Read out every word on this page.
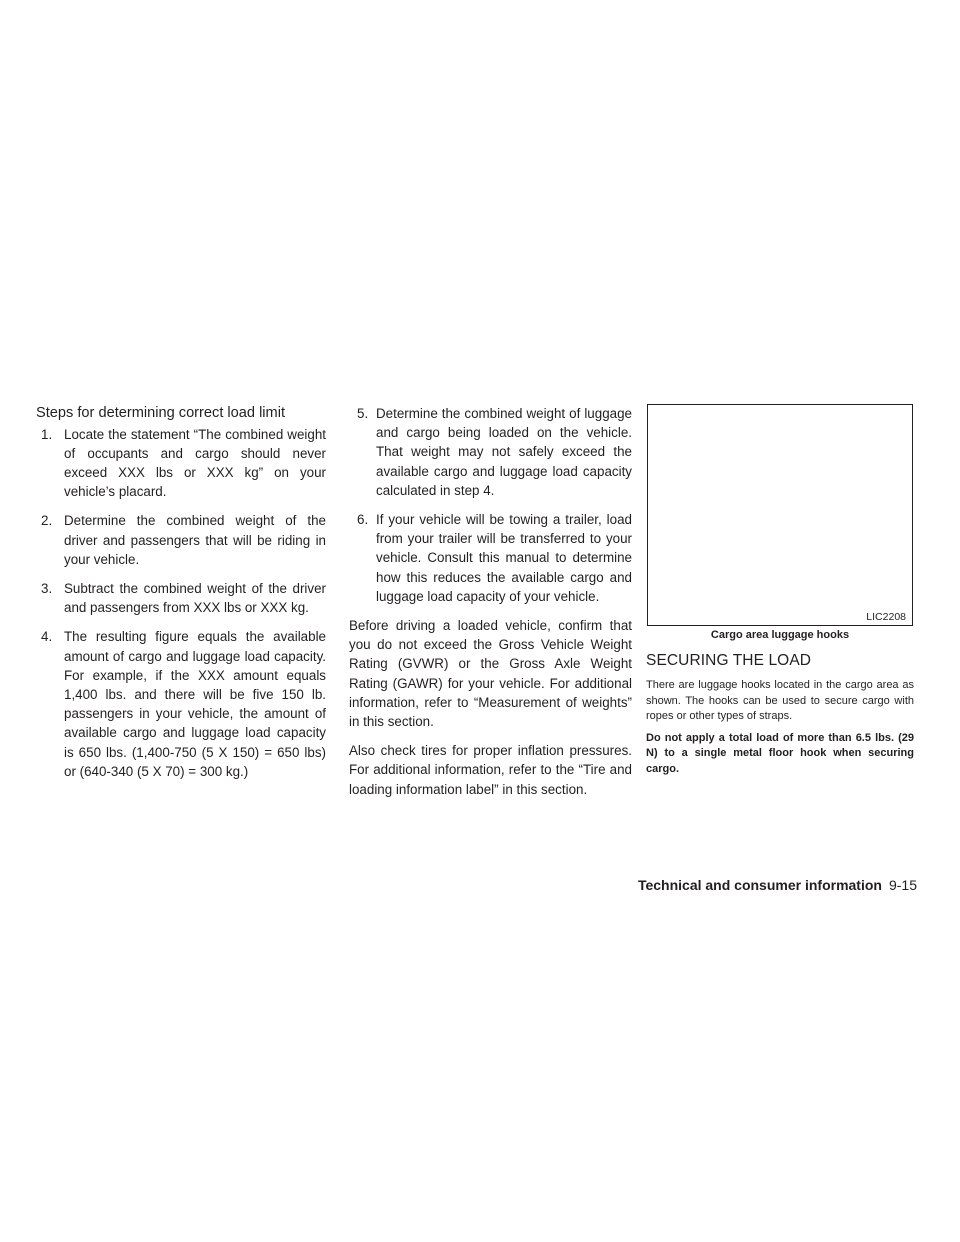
Steps for determining correct load limit
1. Locate the statement “The combined weight of occupants and cargo should never exceed XXX lbs or XXX kg” on your vehicle’s placard.
2. Determine the combined weight of the driver and passengers that will be riding in your vehicle.
3. Subtract the combined weight of the driver and passengers from XXX lbs or XXX kg.
4. The resulting figure equals the available amount of cargo and luggage load capacity. For example, if the XXX amount equals 1,400 lbs. and there will be five 150 lb. passengers in your vehicle, the amount of available cargo and luggage load capacity is 650 lbs. (1,400-750 (5 X 150) = 650 lbs) or (640-340 (5 X 70) = 300 kg.)
5. Determine the combined weight of luggage and cargo being loaded on the vehicle. That weight may not safely exceed the available cargo and luggage load capacity calculated in step 4.
6. If your vehicle will be towing a trailer, load from your trailer will be transferred to your vehicle. Consult this manual to determine how this reduces the available cargo and luggage load capacity of your vehicle.

Before driving a loaded vehicle, confirm that you do not exceed the Gross Vehicle Weight Rating (GVWR) or the Gross Axle Weight Rating (GAWR) for your vehicle. For additional information, refer to “Measurement of weights” in this section.

Also check tires for proper inflation pressures. For additional information, refer to the “Tire and loading information label” in this section.

LIC2208
Cargo area luggage hooks
SECURING THE LOAD

There are luggage hooks located in the cargo area as shown. The hooks can be used to secure cargo with ropes or other types of straps.

Do not apply a total load of more than 6.5 lbs. (29 N) to a single metal floor hook when securing cargo.

Technical and consumer information 9-15
